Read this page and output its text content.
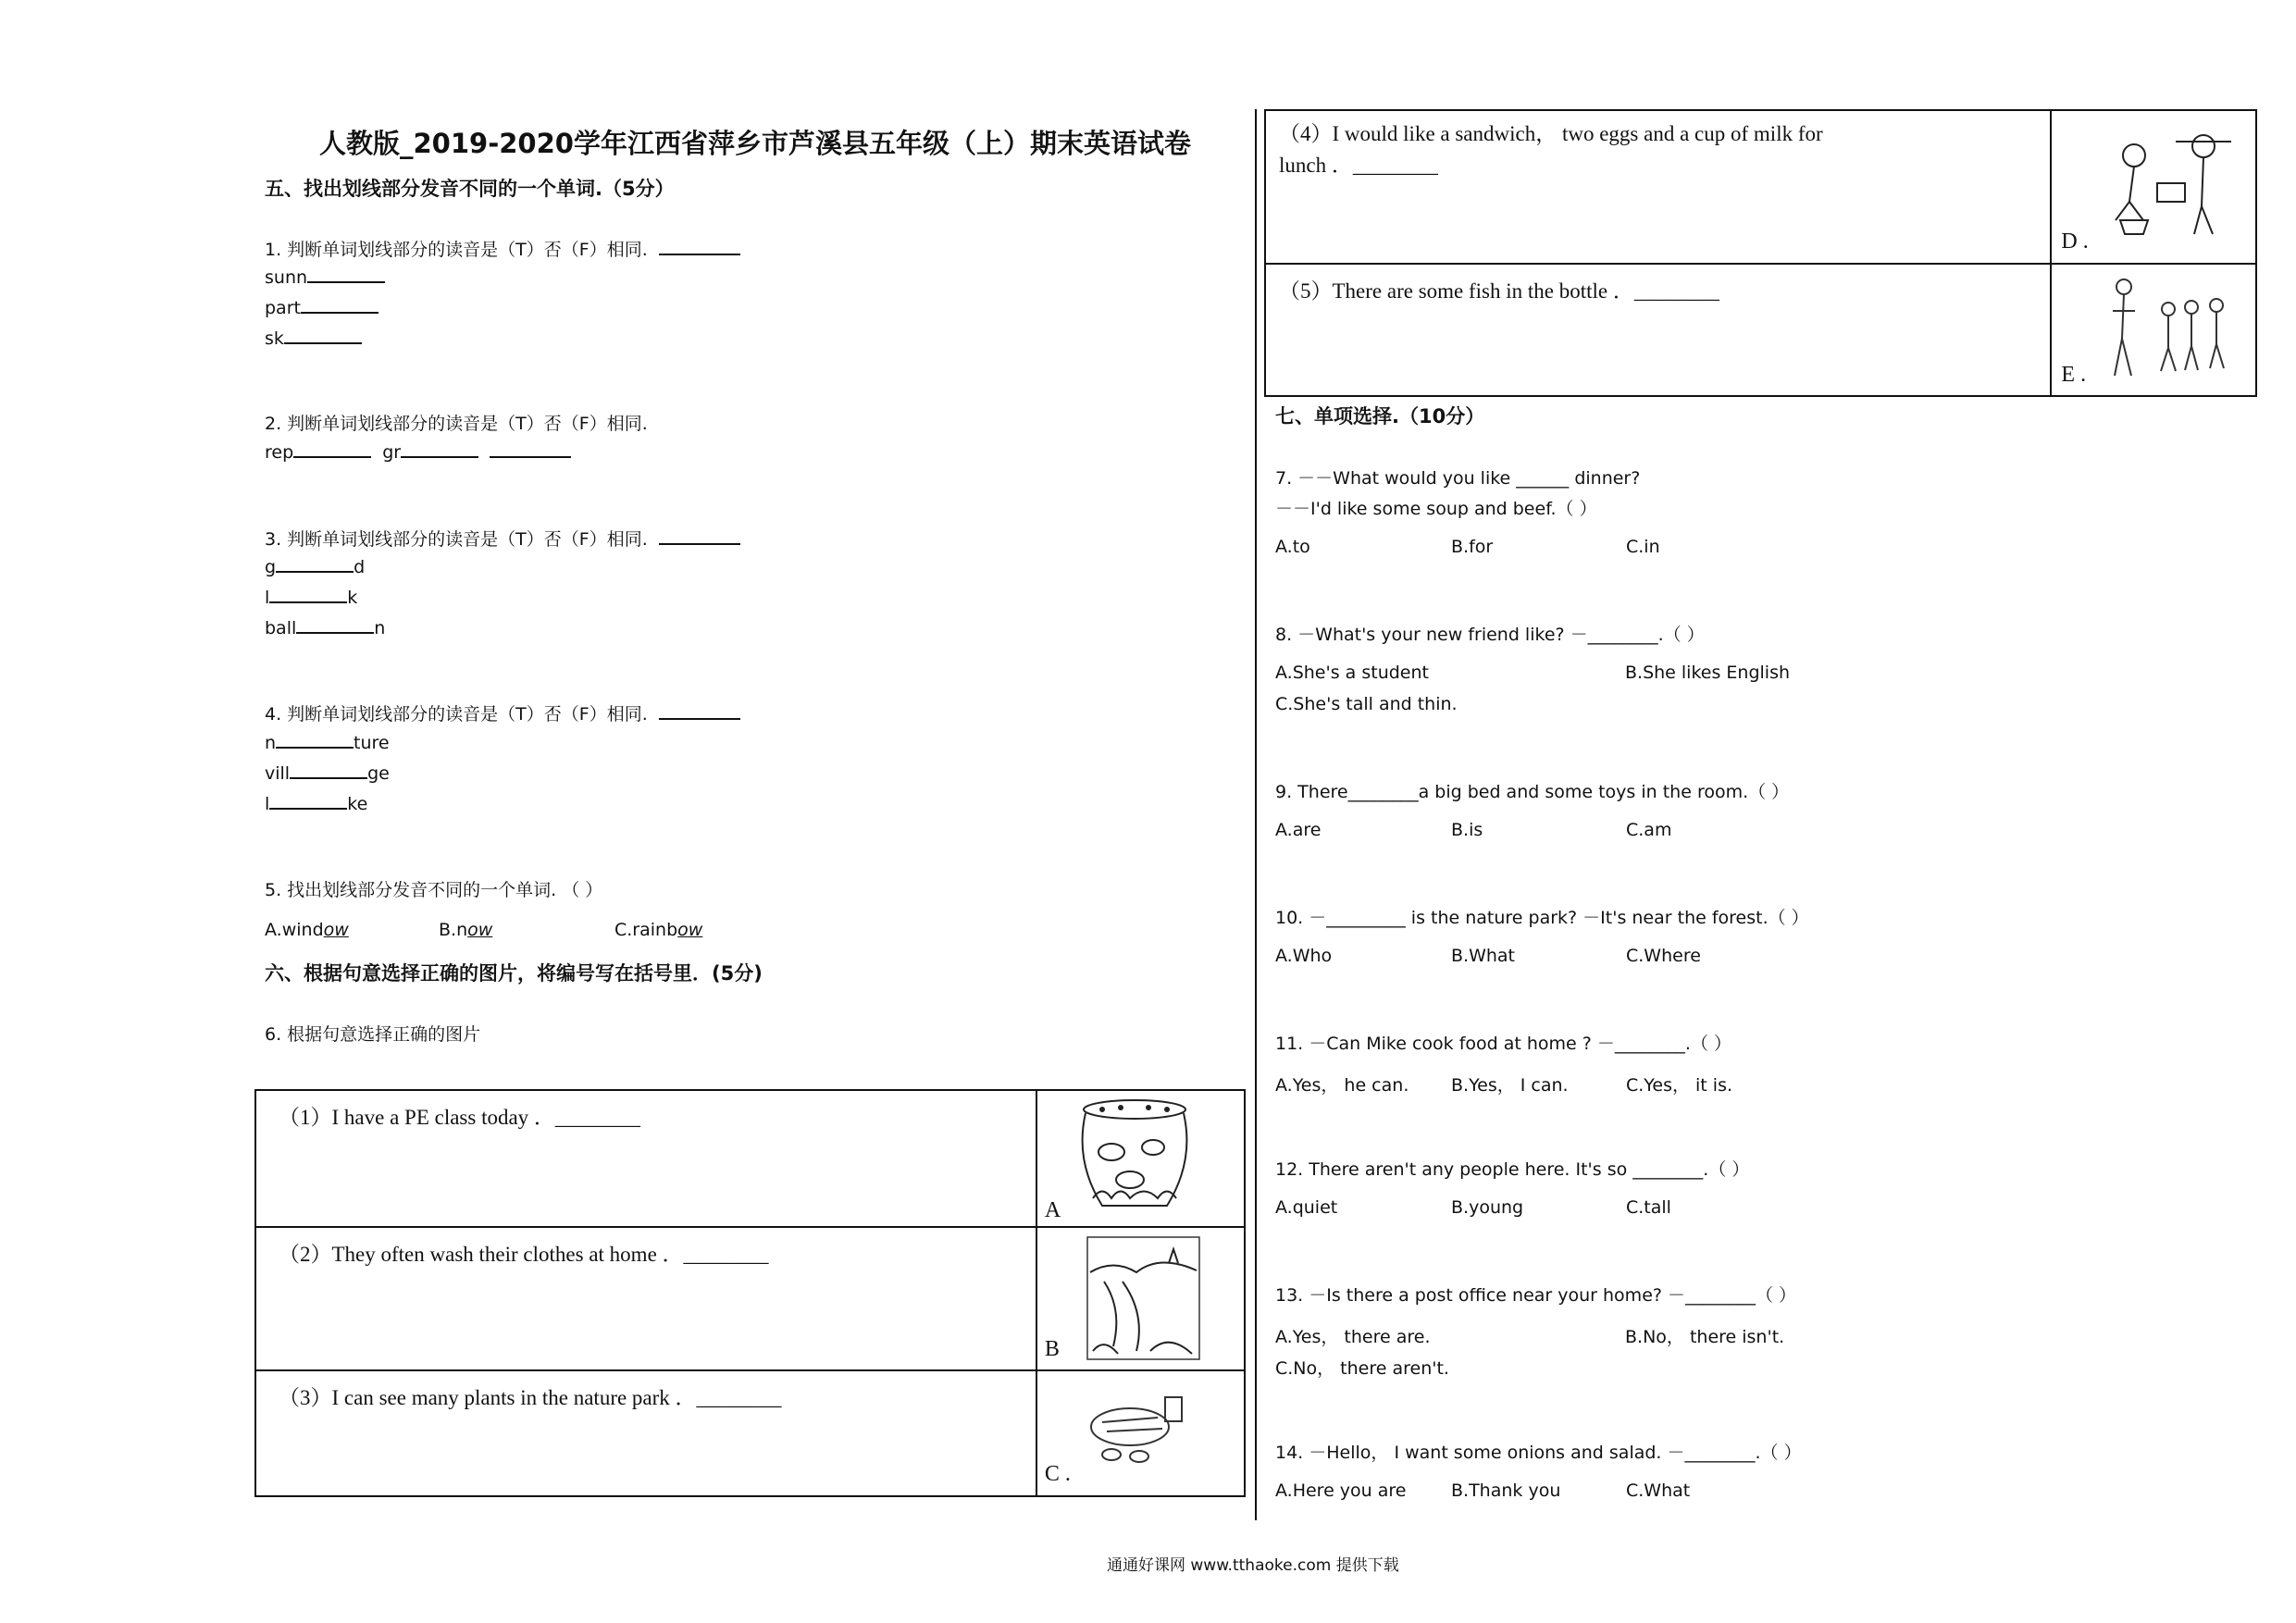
人教版_2019-2020学年江西省萍乡市芦溪县五年级（上）期末英语试卷
五、找出划线部分发音不同的一个单词.（5分）
1. 判断单词划线部分的读音是（T）否（F）相同.
sunn
part
sk
2. 判断单词划线部分的读音是（T）否（F）相同.
rep	gr
3. 判断单词划线部分的读音是（T）否（F）相同.
g	d
l	k
ball	n
4. 判断单词划线部分的读音是（T）否（F）相同.
n	ture
vill	ge
l	ke
5. 找出划线部分发音不同的一个单词. （ ）
A.window	B.now	C.rainbow
六、根据句意选择正确的图片，将编号写在括号里．(5分)
6. 根据句意选择正确的图片
（1）I have a PE class today ．________	A

（2）They often wash their clothes at home ．________	B

（3）I can see many plants in the nature park ．________	C .
（4）I would like a sandwich， two eggs and a cup of milk for
lunch ．________	D .

（5）There are some fish in the bottle ．________	E .
七、单项选择.（10分）
7. －－What would you like ______ dinner?
－－I'd like some soup and beef.（ ）
A.to	B.for	C.in
8. －What's your new friend like? －________.（ ）
A.She's a student	B.She likes English
C.She's tall and thin.
9. There________a big bed and some toys in the room.（ ）
A.are	B.is	C.am
10. －_________ is the nature park? －It's near the forest.（ ）
A.Who	B.What	C.Where
11. －Can Mike cook food at home ? －________.（ ）
A.Yes， he can. B.Yes， I can.	C.Yes， it is.
12. There aren't any people here. It's so ________.（ ）
A.quiet	B.young	C.tall
13. －Is there a post office near your home? －________（ ）
A.Yes， there are.	B.No， there isn't.
C.No， there aren't.
14. －Hello， I want some onions and salad. －________.（ ）
A.Here you are	B.Thank you	C.What
通通好课网 www.tthaoke.com 提供下载
